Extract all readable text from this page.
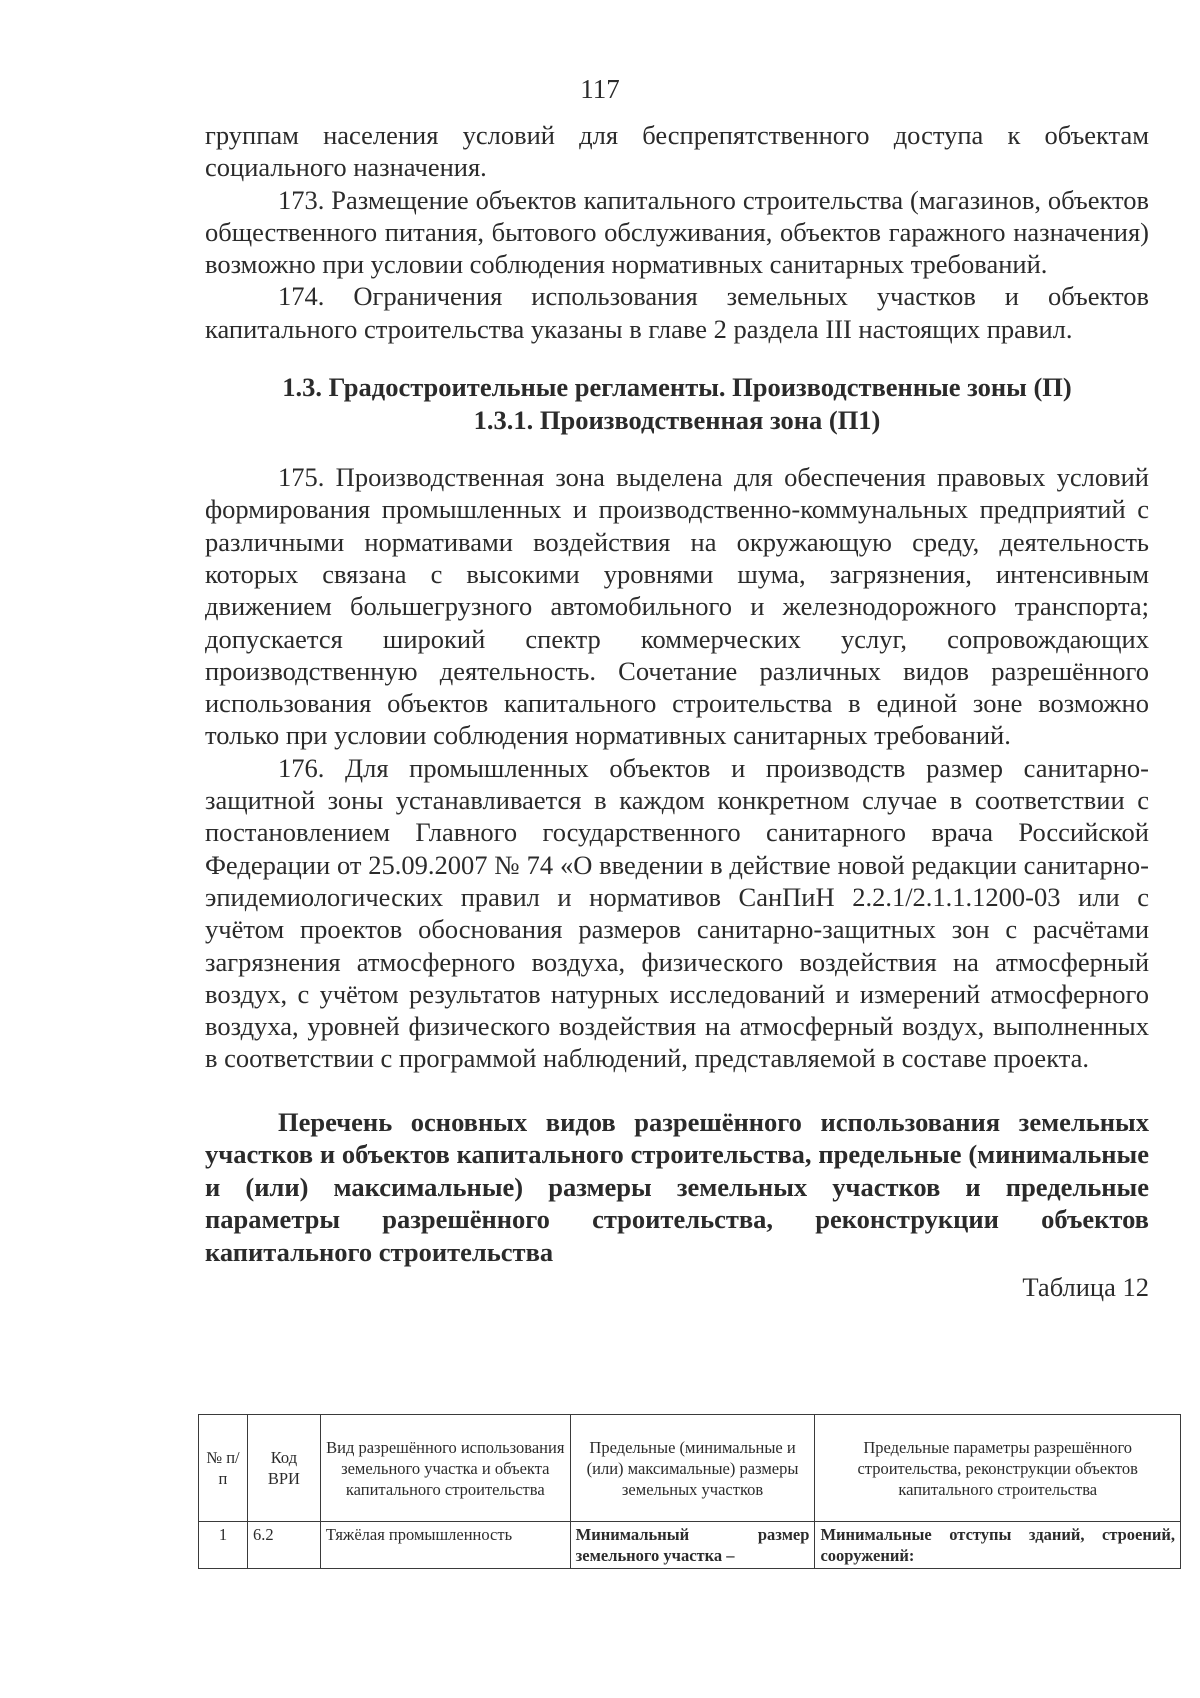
117

группам населения условий для беспрепятственного доступа к объектам социального назначения.

173. Размещение объектов капитального строительства (магазинов, объектов общественного питания, бытового обслуживания, объектов гаражного назначения) возможно при условии соблюдения нормативных санитарных требований.

174. Ограничения использования земельных участков и объектов капитального строительства указаны в главе 2 раздела III настоящих правил.

1.3. Градостроительные регламенты. Производственные зоны (П)
1.3.1. Производственная зона (П1)

175. Производственная зона выделена для обеспечения правовых условий формирования промышленных и производственно-коммунальных предприятий с различными нормативами воздействия на окружающую среду, деятельность которых связана с высокими уровнями шума, загрязнения, интенсивным движением большегрузного автомобильного и железнодорожного транспорта; допускается широкий спектр коммерческих услуг, сопровождающих производственную деятельность. Сочетание различных видов разрешённого использования объектов капитального строительства в единой зоне возможно только при условии соблюдения нормативных санитарных требований.

176. Для промышленных объектов и производств размер санитарно-защитной зоны устанавливается в каждом конкретном случае в соответствии с постановлением Главного государственного санитарного врача Российской Федерации от 25.09.2007 № 74 «О введении в действие новой редакции санитарно-эпидемиологических правил и нормативов СанПиН 2.2.1/2.1.1.1200-03 или с учётом проектов обоснования размеров санитарно-защитных зон с расчётами загрязнения атмосферного воздуха, физического воздействия на атмосферный воздух, с учётом результатов натурных исследований и измерений атмосферного воздуха, уровней физического воздействия на атмосферный воздух, выполненных в соответствии с программой наблюдений, представляемой в составе проекта.

Перечень основных видов разрешённого использования земельных участков и объектов капитального строительства, предельные (минимальные и (или) максимальные) размеры земельных участков и предельные параметры разрешённого строительства, реконструкции объектов капитального строительства

Таблица 12

№ п/п	Код ВРИ	Вид разрешённого использования земельного участка и объекта капитального строительства	Предельные (минимальные и (или) максимальные) размеры земельных участков	Предельные параметры разрешённого строительства, реконструкции объектов капитального строительства
1	6.2	Тяжёлая промышленность	Минимальный размер земельного участка –	Минимальные отступы зданий, строений, сооружений:
